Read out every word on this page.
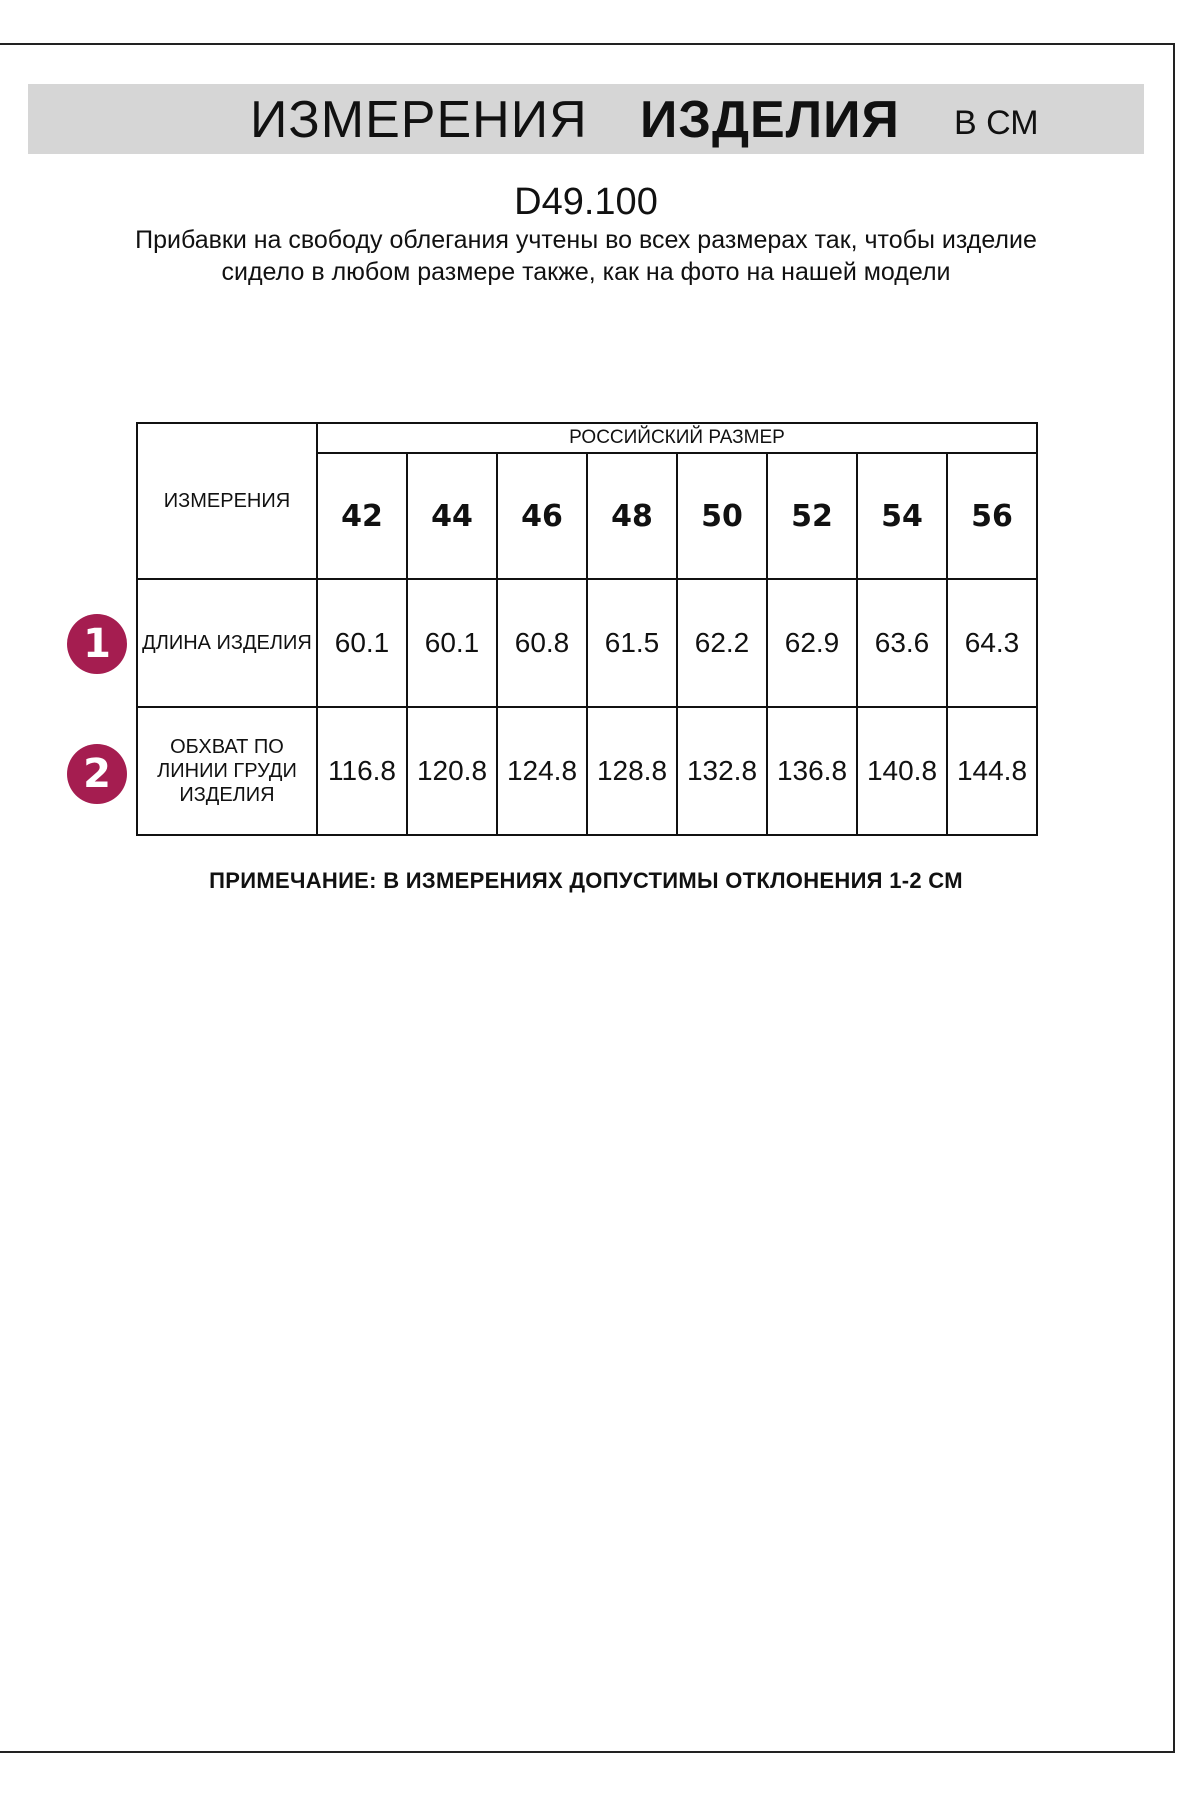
ИЗМЕРЕНИЯ ИЗДЕЛИЯ В СМ
D49.100
Прибавки на свободу облегания учтены во всех размерах так, чтобы изделие сидело в любом размере также, как на фото на нашей модели
ИЗМЕРЕНИЯ	РОССИЙСКИЙ РАЗМЕР							
	42	44	46	48	50	52	54	56
ДЛИНА ИЗДЕЛИЯ	60.1	60.1	60.8	61.5	62.2	62.9	63.6	64.3
ОБХВАТ ПО ЛИНИИ ГРУДИ ИЗДЕЛИЯ	116.8	120.8	124.8	128.8	132.8	136.8	140.8	144.8
1
2
ПРИМЕЧАНИЕ: В ИЗМЕРЕНИЯХ ДОПУСТИМЫ ОТКЛОНЕНИЯ 1-2 СМ
